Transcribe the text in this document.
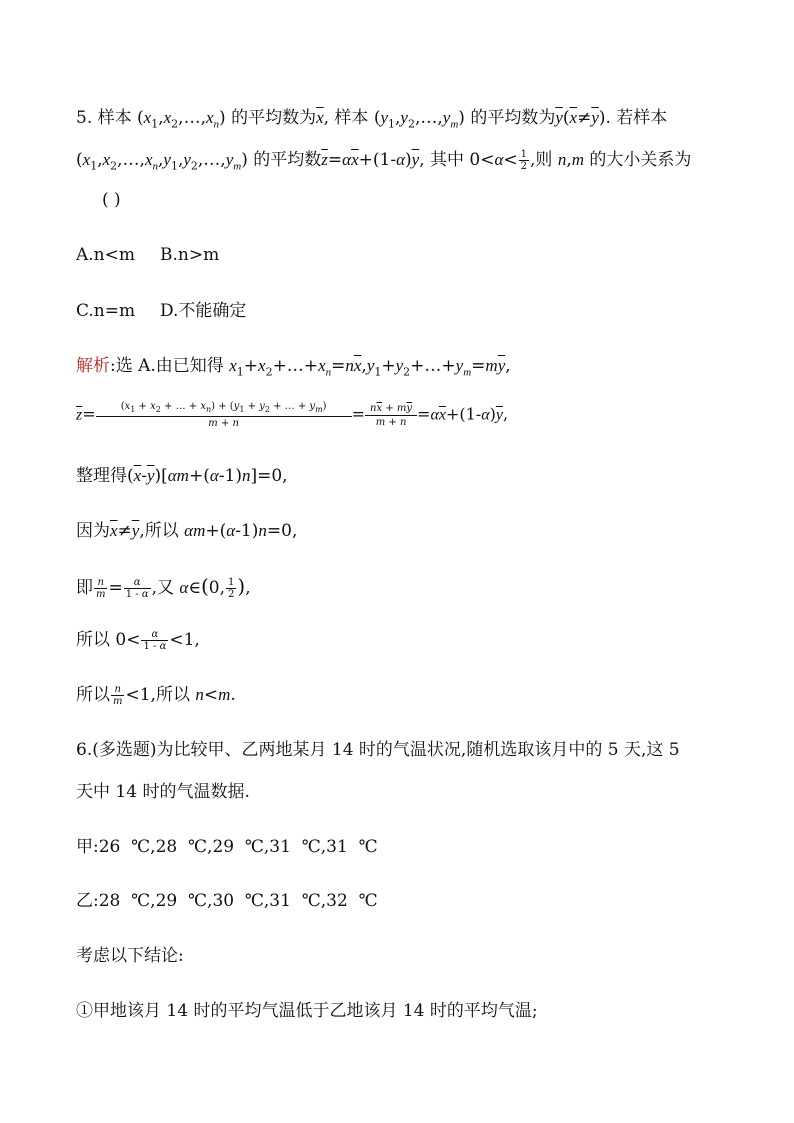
5. 样本 $(x_1,x_2,\dots,x_n)$ 的平均数为$\overline{x}$, 样本 $(y_1,y_2,\dots,y_m)$ 的平均数为$\overline{y}(\overline{x}\ne\overline{y})$. 若样本
$(x_1,x_2,\dots,x_n,y_1,y_2,\dots,y_m)$ 的平均数$\overline{z}=\alpha\overline{x}+(1-\alpha)\overline{y}$, 其中 $0<\alpha< \frac{1}{2}$ ,则 n,m 的大小关系为
( )
A.n<m B.n>m
C.n=m D.不能确定
解析:选 A.由已知得 $x_1+x_2+\dots+x_n=n\overline{x},y_1+y_2+\dots+y_m=m\overline{y}$,
$\overline{z}= \frac{(x_1 + x_2 + \dots + x_n) + (y_1 + y_2 + \dots + y_m)}{m + n} = \frac{n\overline{x} + m\overline{y}}{m + n} =\alpha\overline{x}+(1-\alpha)\overline{y}$,
整理得$(\overline{x}-\overline{y})[\alpha m+(\alpha-1)n]=0$,
因为$\overline{x}\ne\overline{y}$,所以 αm+(α-1)n=0,
即 $\frac{n}{m} = \frac{\alpha}{1 - \alpha}$ ,又 α∈(0, $\frac{1}{2}$ ),
所以 $0< \frac{\alpha}{1 - \alpha} <1$,
所以 $\frac{n}{m} <1$,所以 n<m.
6.(多选题)为比较甲、乙两地某月 14 时的气温状况,随机选取该月中的 5 天,这 5
天中 14 时的气温数据.
甲:26  ℃,28  ℃,29  ℃,31  ℃,31  ℃
乙:28  ℃,29  ℃,30  ℃,31  ℃,32  ℃
考虑以下结论:
①甲地该月 14 时的平均气温低于乙地该月 14 时的平均气温;
